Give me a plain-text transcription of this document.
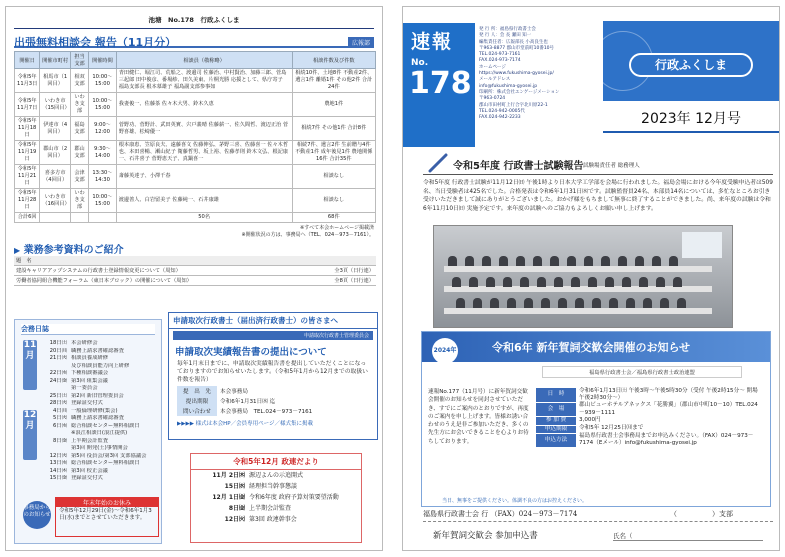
池塘　No.178　行政ふくしま
出張無料相談会 報告（11月分）	広報部
開催日	開催市町村	担当支部	開催時間	相談員（敬称略）	相談件数及び件数
令和5年11月3日	相馬市（1回目）	相双支部	10:00～15:00	青田健仁、堀江司、荒船之、渡邊司 佐藤治、中村賢治、加藤三郎、菅島三起郎 田中俊彦、番場紗、田久美東、片桐光勝 応援として、県庁寄子 福島支部長 根本慕雄子 福島副支部参事如	相続10件、土地8件 不動産2件、遺言1件 離婚1件 その他2件 合計24件
令和5年11月7日	いわき市（15回目）	いわき支部	10:00～15:00	我妻俊一、佐藤茶 佐々木大男、鈴木久恵	農地1件
令和5年11月18日	伊達市（4回目）	福島支部	9:00～12:00	菅野功、菅野計、武田英實、宍戸義晴 佐藤薪一、佐久間哲、渡辺正治 菅野喜雄、松崎優一	相続7件 その他1件 合計8件
令和5年11月19日	郡山市（2回目）	郡山支部	9:30～14:00	根本康恵、笠原良夫、遠藤喜文 佐藤伸弘、茅野三喜、佐藤喜一 佐々木哲也、本田喜暢、瀬山紀子 衛藤哲男、坂上裕、佐藤孝則 鈴木文弘、根記康一、石井喜子 菅野恵天子、真鍋喜一	相続7件、遺言2件 生前贈与4件 不動産1件 成年後見1件 農地関係16件 合計35件
令和5年11月21日	喜多方市（4回目）	会津支部	13:30～14:30	斎藤英達子、小澤千春	相談なし
令和5年11月28日	いわき市（16回目）	いわき支部	10:00～15:00	渡邊善人、白岩留美子 佐藤純一、石井康雄	相談なし
合計6回				50名	68件
※すべて本会ホームページ掲載済
※開催状況の方は、事務局へ（TEL．024－973－7161）。
▶ 業務参考資料のご紹介
題　名	
建設キャリアアップシステムの行政書士登録情報変更について（周知）	全3頁（日行連）
労働者協同組合機能フォーラム（東日本ブロック）の開催について（周知）	全8頁（日行連）
会務日誌
11月
12月
18日㈯ 本会研修会
20日㈪ 職務上請求書確認審査
21日㈫ 相談員養成研修
及び相談員能力向上研修
22日㈬ 下種相談審議会
24日㈮ 第3回 組集会議
第一委員会
25日㈯ 第2回 新旧管理委員会
28日㈫ 登録証交付式
4日㈪ 一般倫理研修(集会)
5日㈫ 職務上請求書確認審査
6日㈬ 総合相談センター無料相談日
※浪江相談日(浪江提供)
8日㈮ 上半期会計監査
第3回 開発(土)事情開会
12日㈫ 第5回 役員会/第3回 支部協議会
13日㈬ 総合相談センター無料相談日
14日㈭ 第3回 校正会議
15日㈮ 登録証交付式
事務局からのお知らせ
年末年始のお休み

令和5年12月29日(金)～令和6年1月3日(水)までとさせていただきます。

申請取次行政書士（届出済行政書士）の皆さまへ
申請取次行政書士管理委員会
申請取次実績報告書の提出について

毎年1月末日までに、申請取次実績報告書を提出していただくことになっておりますのでお知らせいたします。（令和5年1月から12月までの取扱い件数を報告）

提　出　先	本会事務局
提出期限	令和6年1月31日㈬ 迄
問い合わせ	本会事務局　TEL.024－973－7161
▶▶▶▶ 様式は本会HP／会員専用ページ／様式集に掲載
令和5年12月 政連だより
11月 2日㈭ 源辺よんの示追開式
15日㈬ 経理担当幹事懇談
12月 1日㈮ 令和6年度 政府予算対策要望活動
8日㈮ 上半期会計監査
12日㈫ 第3回 政連幹事会
速報
No.
178
発 行 所：福島県行政書士会
発 行 人：会 長 瀬田 知一
編集責任者：広報部長 小高良生也
〒963-8877 郡山市堂前町10番10号
TEL.024-973-7161
FAX.024-973-7174
ホームページ
https://www.fukushima-gyosei.jp/
メールアドレス
info@fukushima-gyosei.jp
印刷所：株式会社エンゲージメーション
〒963-0724
郡山市田村町上行合字北川原22-1
TEL.024-942-0005代
FAX.024-942-2233
行政ふくしま
2023年 12月号
令和5年度 行政書士試験報告 試験場責任者 総務理人
令和5年度 行政書士試験が11月12日㈰ 午後1時より日本大学工学部を会場に行われました。福島会場における今年度受験申込者は509名、当日受験者は425名でした。合格発表は令和6年1月31日㈬です。試験監督員24名、本部員14名については、多忙なところお引き受けいただきまして誠にありがとうございました。おかげ様をもちまして無事に終了することができました。尚、来年度の試験は令和6年11月10日㈰ 実施予定です。来年度の試験へのご協力もよろしくお願い申し上げます。
2024年	令和6年 新年賀詞交歓会開催のお知らせ
福島県行政書士会／福島県行政書士政治連盟
速報No.177（11月号）に新年賀詞交歓会開催のお知らせを同封させていただき、すでにご案内のとおりですが、再度のご案内を申し上げます。皆様お誘い合わせのうえ是非ご参加いただき、多くの先生方にお会いできることを心よりお待ちしております。
日　時	令和6年1月13日㈯ 午後3時～午後5時30分（受付 午後2時15分～ 開場 午後2時30分～）
会　場	郡山ビューホテルアネックス「花勝翼」（郡山市中町10－10）TEL.024－939－1111
参 加 費	3,000円
申込期限	令和5年 12月25日㈪まで
申込方法	福島県行政書士会事務局までお申込みください。（FAX）024－973－7174（Eメール）info@fukushima-gyosei.jp
当日、無事をご提供ください。体調不良の方はお控えください。
福島県行政書士会 行 （FAX）024－973－7174	（　　　　　）支部
新年賀詞交歓会 参加申込書	氏名（
